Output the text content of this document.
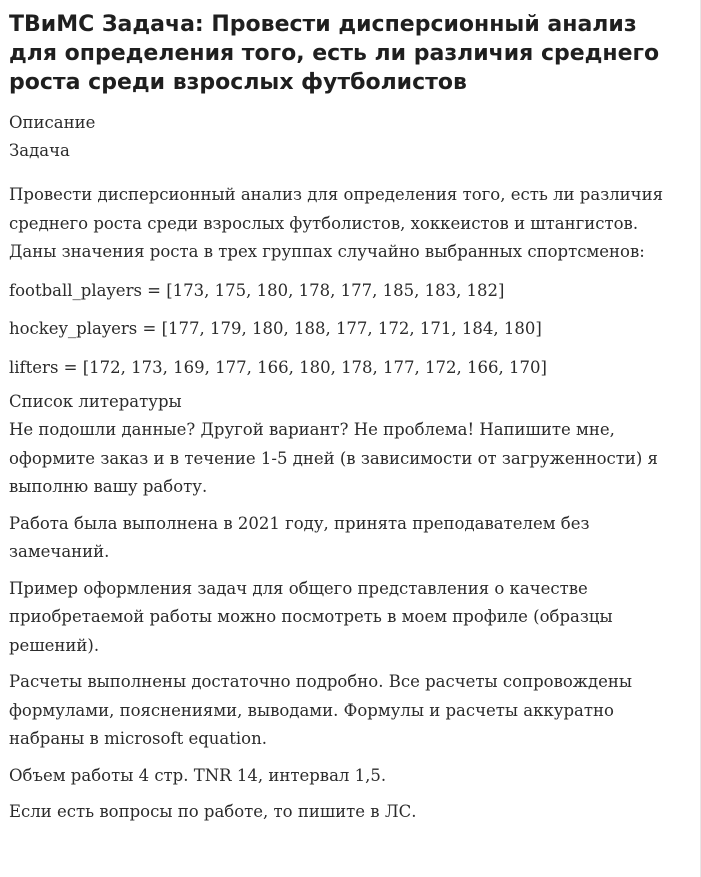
ТВиМС Задача: Провести дисперсионный анализ для определения того, есть ли различия среднего роста среди взрослых футболистов

Описание

Задача

Провести дисперсионный анализ для определения того, есть ли различия среднего роста среди взрослых футболистов, хоккеистов и штангистов. Даны значения роста в трех группах случайно выбранных спортсменов:

football_players = [173, 175, 180, 178, 177, 185, 183, 182]

hockey_players = [177, 179, 180, 188, 177, 172, 171, 184, 180]

lifters = [172, 173, 169, 177, 166, 180, 178, 177, 172, 166, 170]

Список литературы

Не подошли данные? Другой вариант? Не проблема! Напишите мне, оформите заказ и в течение 1-5 дней (в зависимости от загруженности) я выполню вашу работу.

Работа была выполнена в 2021 году, принята преподавателем без замечаний.

Пример оформления задач для общего представления о качестве приобретаемой работы можно посмотреть в моем профиле (образцы решений).

Расчеты выполнены достаточно подробно. Все расчеты сопровождены формулами, пояснениями, выводами. Формулы и расчеты аккуратно набраны в microsoft equation.

Объем работы 4 стр. TNR 14, интервал 1,5.

Если есть вопросы по работе, то пишите в ЛС.
